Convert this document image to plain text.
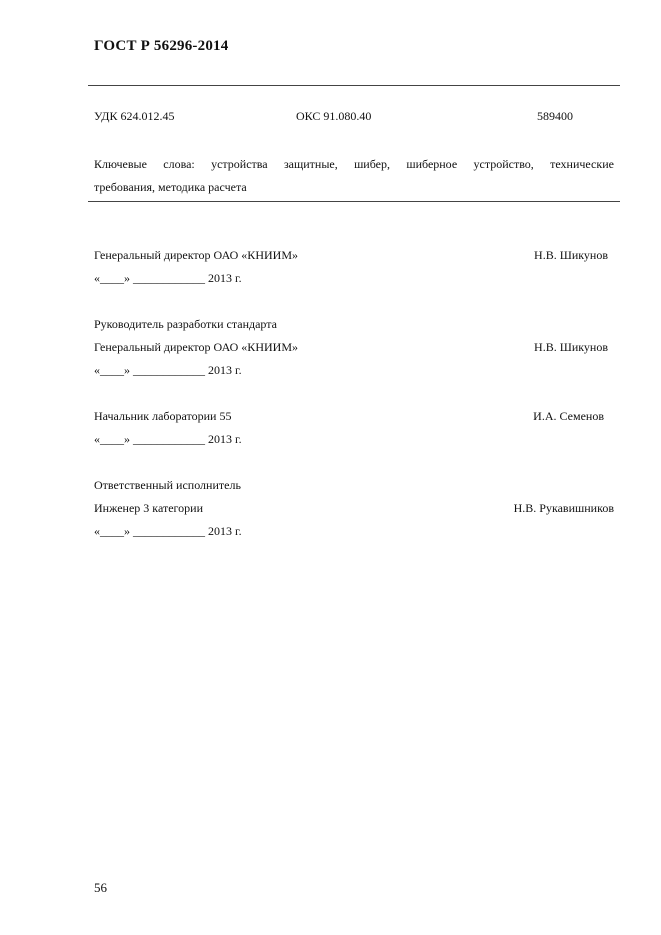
ГОСТ Р 56296-2014
УДК 624.012.45	ОКС 91.080.40	589400
Ключевые слова: устройства защитные, шибер, шиберное устройство, технические
требования, методика расчета
Генеральный директор ОАО «КНИИМ»	Н.В. Шикунов
«____» ____________ 2013 г.
Руководитель разработки стандарта
Генеральный директор ОАО «КНИИМ»	Н.В. Шикунов
«____» ____________ 2013 г.
Начальник лаборатории 55	И.А. Семенов
«____» ____________ 2013 г.
Ответственный исполнитель
Инженер 3 категории	Н.В. Рукавишников
«____» ____________ 2013 г.
56
